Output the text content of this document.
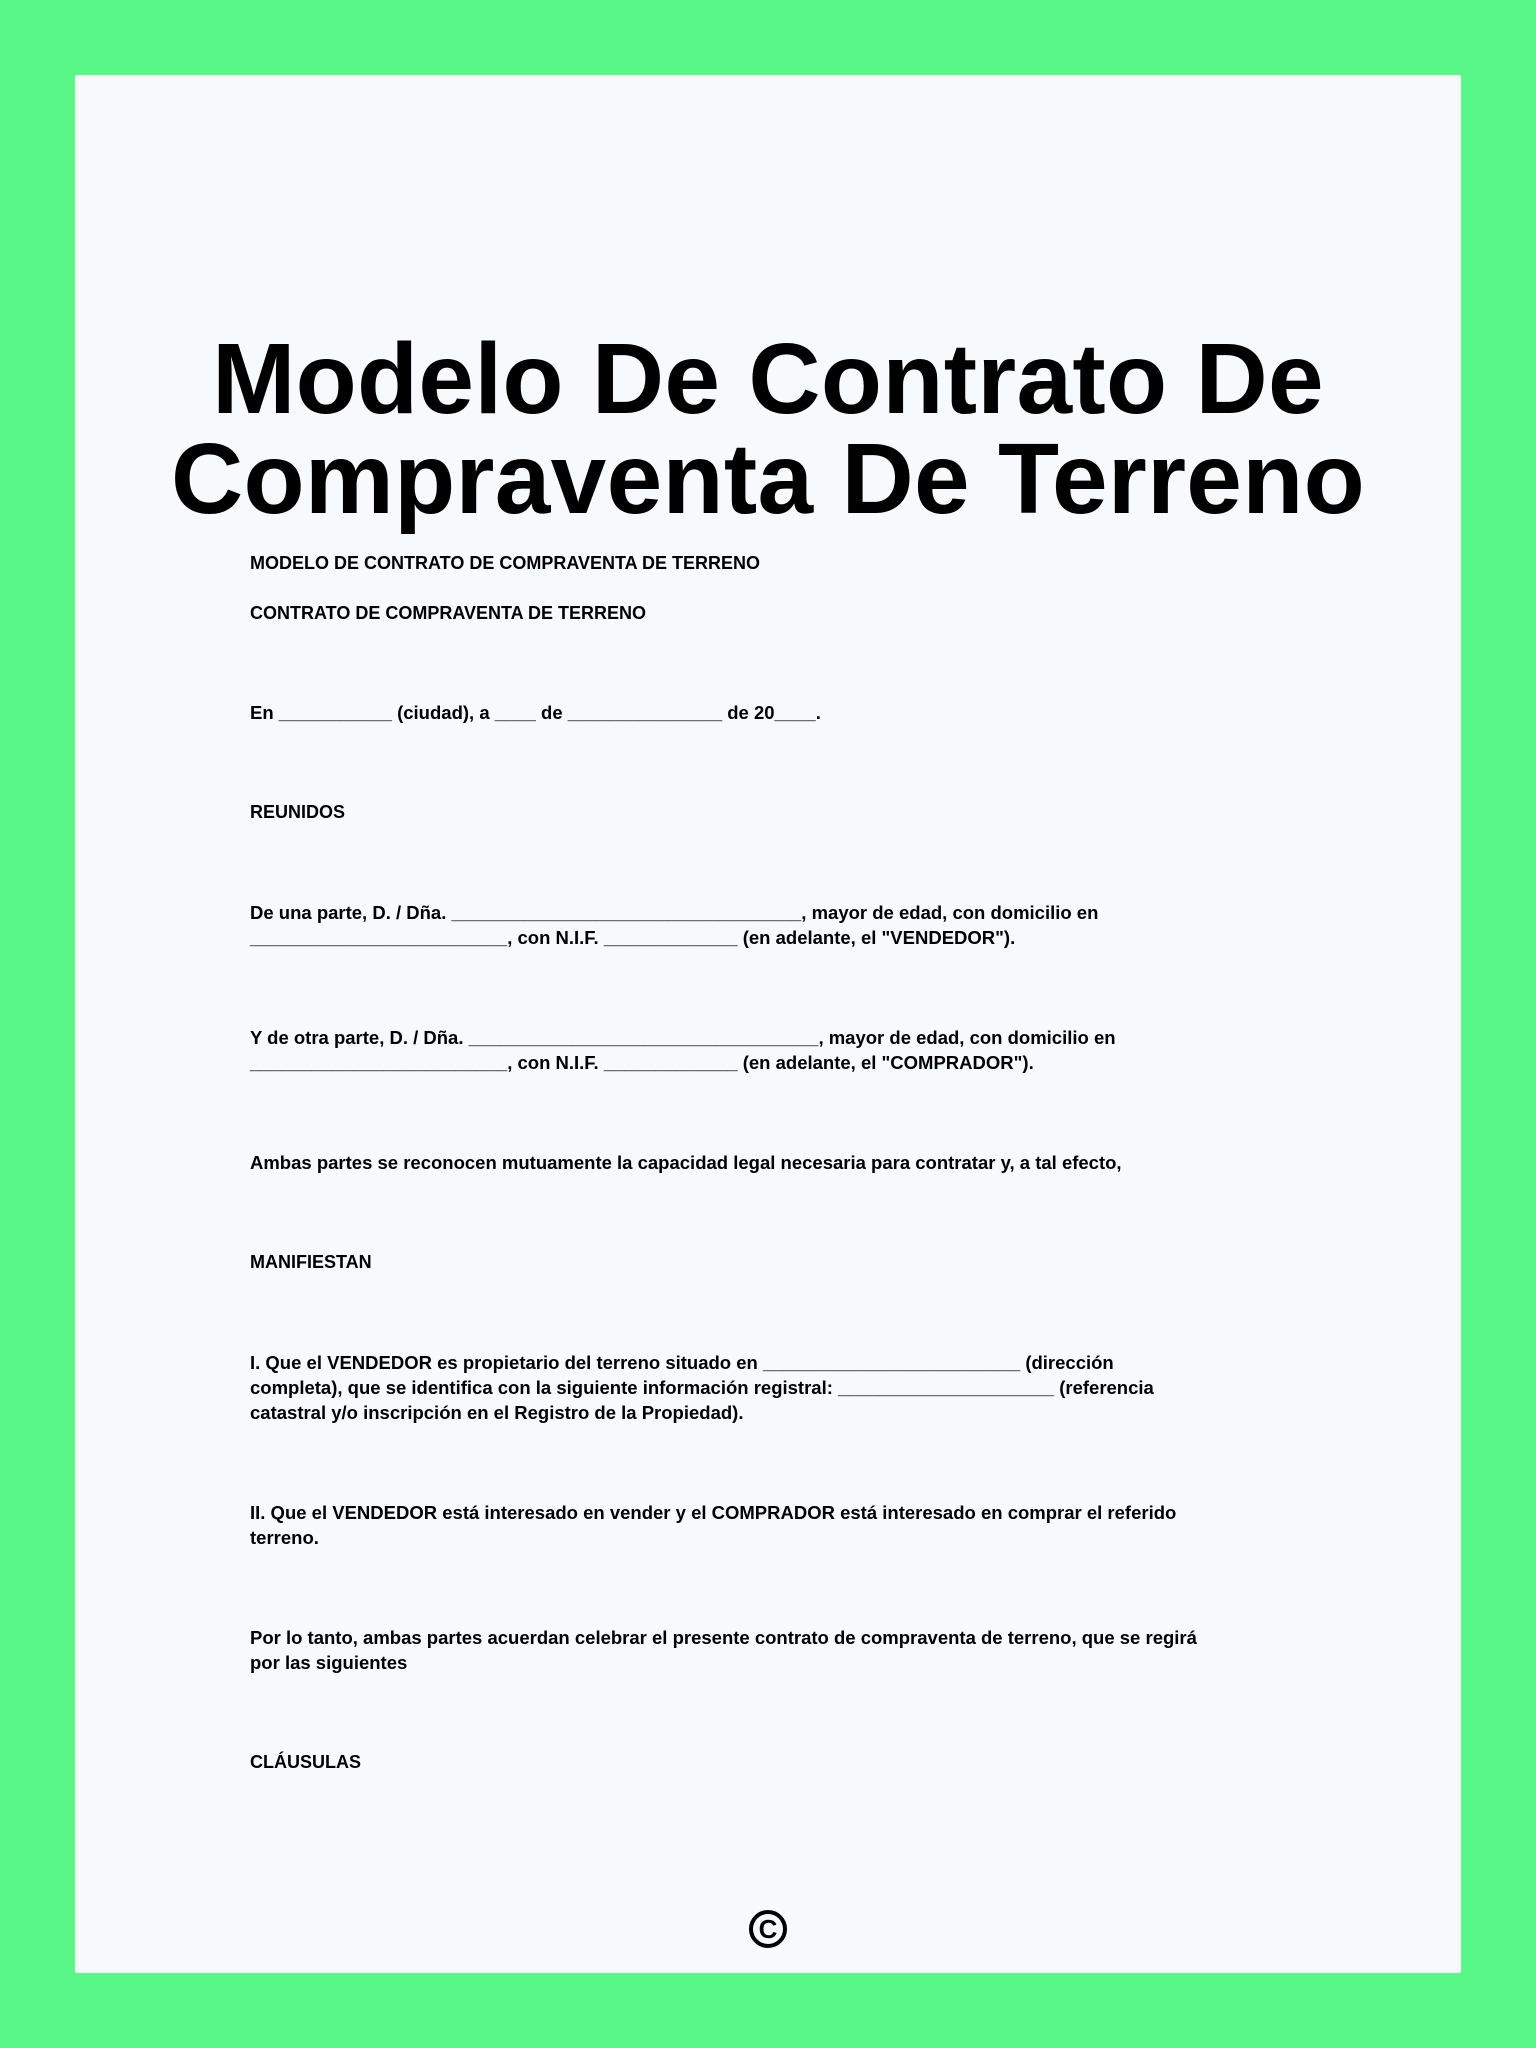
Modelo De Contrato De
Compraventa De Terreno
MODELO DE CONTRATO DE COMPRAVENTA DE TERRENO
CONTRATO DE COMPRAVENTA DE TERRENO
En ___________ (ciudad), a ____ de _______________ de 20____.
REUNIDOS
De una parte, D. / Dña. __________________________________, mayor de edad, con domicilio en
_________________________, con N.I.F. _____________ (en adelante, el "VENDEDOR").
Y de otra parte, D. / Dña. __________________________________, mayor de edad, con domicilio en
_________________________, con N.I.F. _____________ (en adelante, el "COMPRADOR").
Ambas partes se reconocen mutuamente la capacidad legal necesaria para contratar y, a tal efecto,
MANIFIESTAN
I. Que el VENDEDOR es propietario del terreno situado en _________________________ (dirección
completa), que se identifica con la siguiente información registral: _____________________ (referencia
catastral y/o inscripción en el Registro de la Propiedad).
II. Que el VENDEDOR está interesado en vender y el COMPRADOR está interesado en comprar el referido
terreno.
Por lo tanto, ambas partes acuerdan celebrar el presente contrato de compraventa de terreno, que se regirá
por las siguientes
CLÁUSULAS
C
